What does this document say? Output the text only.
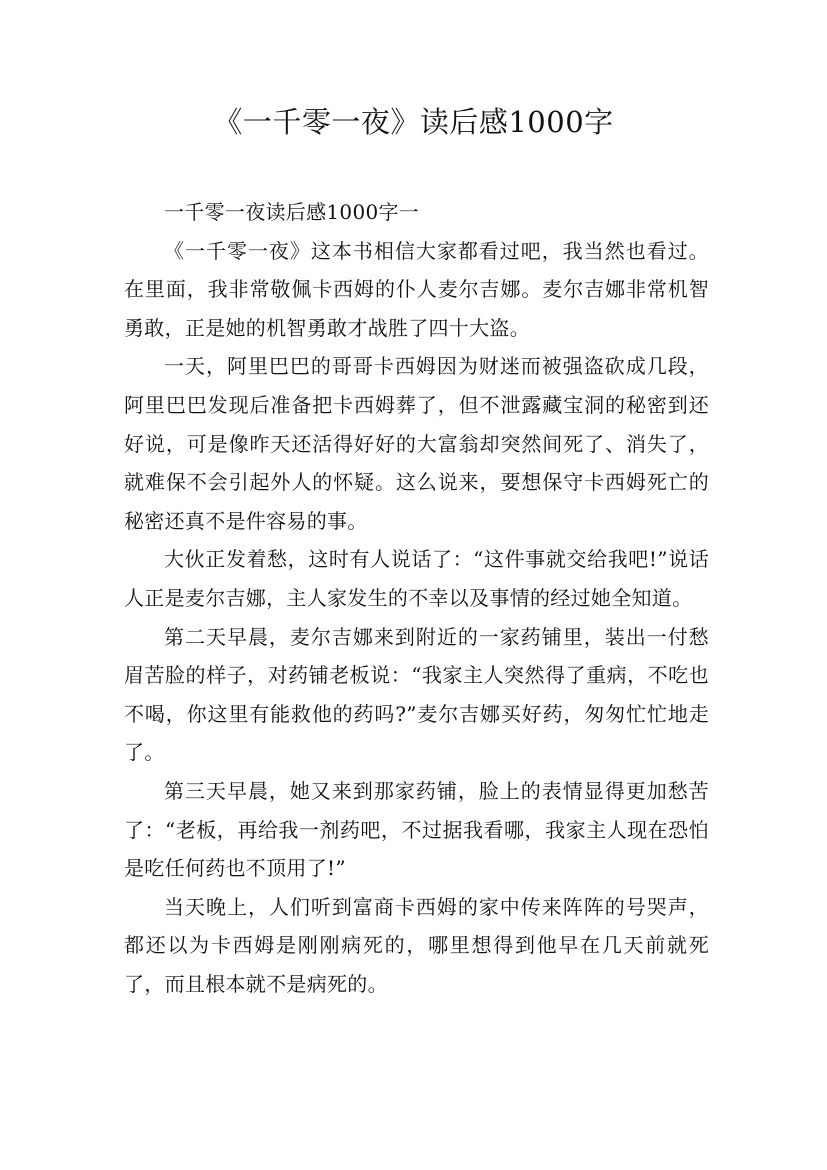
《一千零一夜》读后感1000字

一千零一夜读后感1000字一

《一千零一夜》这本书相信大家都看过吧，我当然也看过。在里面，我非常敬佩卡西姆的仆人麦尔吉娜。麦尔吉娜非常机智勇敢，正是她的机智勇敢才战胜了四十大盗。

一天，阿里巴巴的哥哥卡西姆因为财迷而被强盗砍成几段，阿里巴巴发现后准备把卡西姆葬了，但不泄露藏宝洞的秘密到还好说，可是像昨天还活得好好的大富翁却突然间死了、消失了，就难保不会引起外人的怀疑。这么说来，要想保守卡西姆死亡的秘密还真不是件容易的事。

大伙正发着愁，这时有人说话了：“这件事就交给我吧!”说话人正是麦尔吉娜，主人家发生的不幸以及事情的经过她全知道。

第二天早晨，麦尔吉娜来到附近的一家药铺里，装出一付愁眉苦脸的样子，对药铺老板说：“我家主人突然得了重病，不吃也不喝，你这里有能救他的药吗?”麦尔吉娜买好药，匆匆忙忙地走了。

第三天早晨，她又来到那家药铺，脸上的表情显得更加愁苦了：“老板，再给我一剂药吧，不过据我看哪，我家主人现在恐怕是吃任何药也不顶用了!”

当天晚上，人们听到富商卡西姆的家中传来阵阵的号哭声，都还以为卡西姆是刚刚病死的，哪里想得到他早在几天前就死了，而且根本就不是病死的。
